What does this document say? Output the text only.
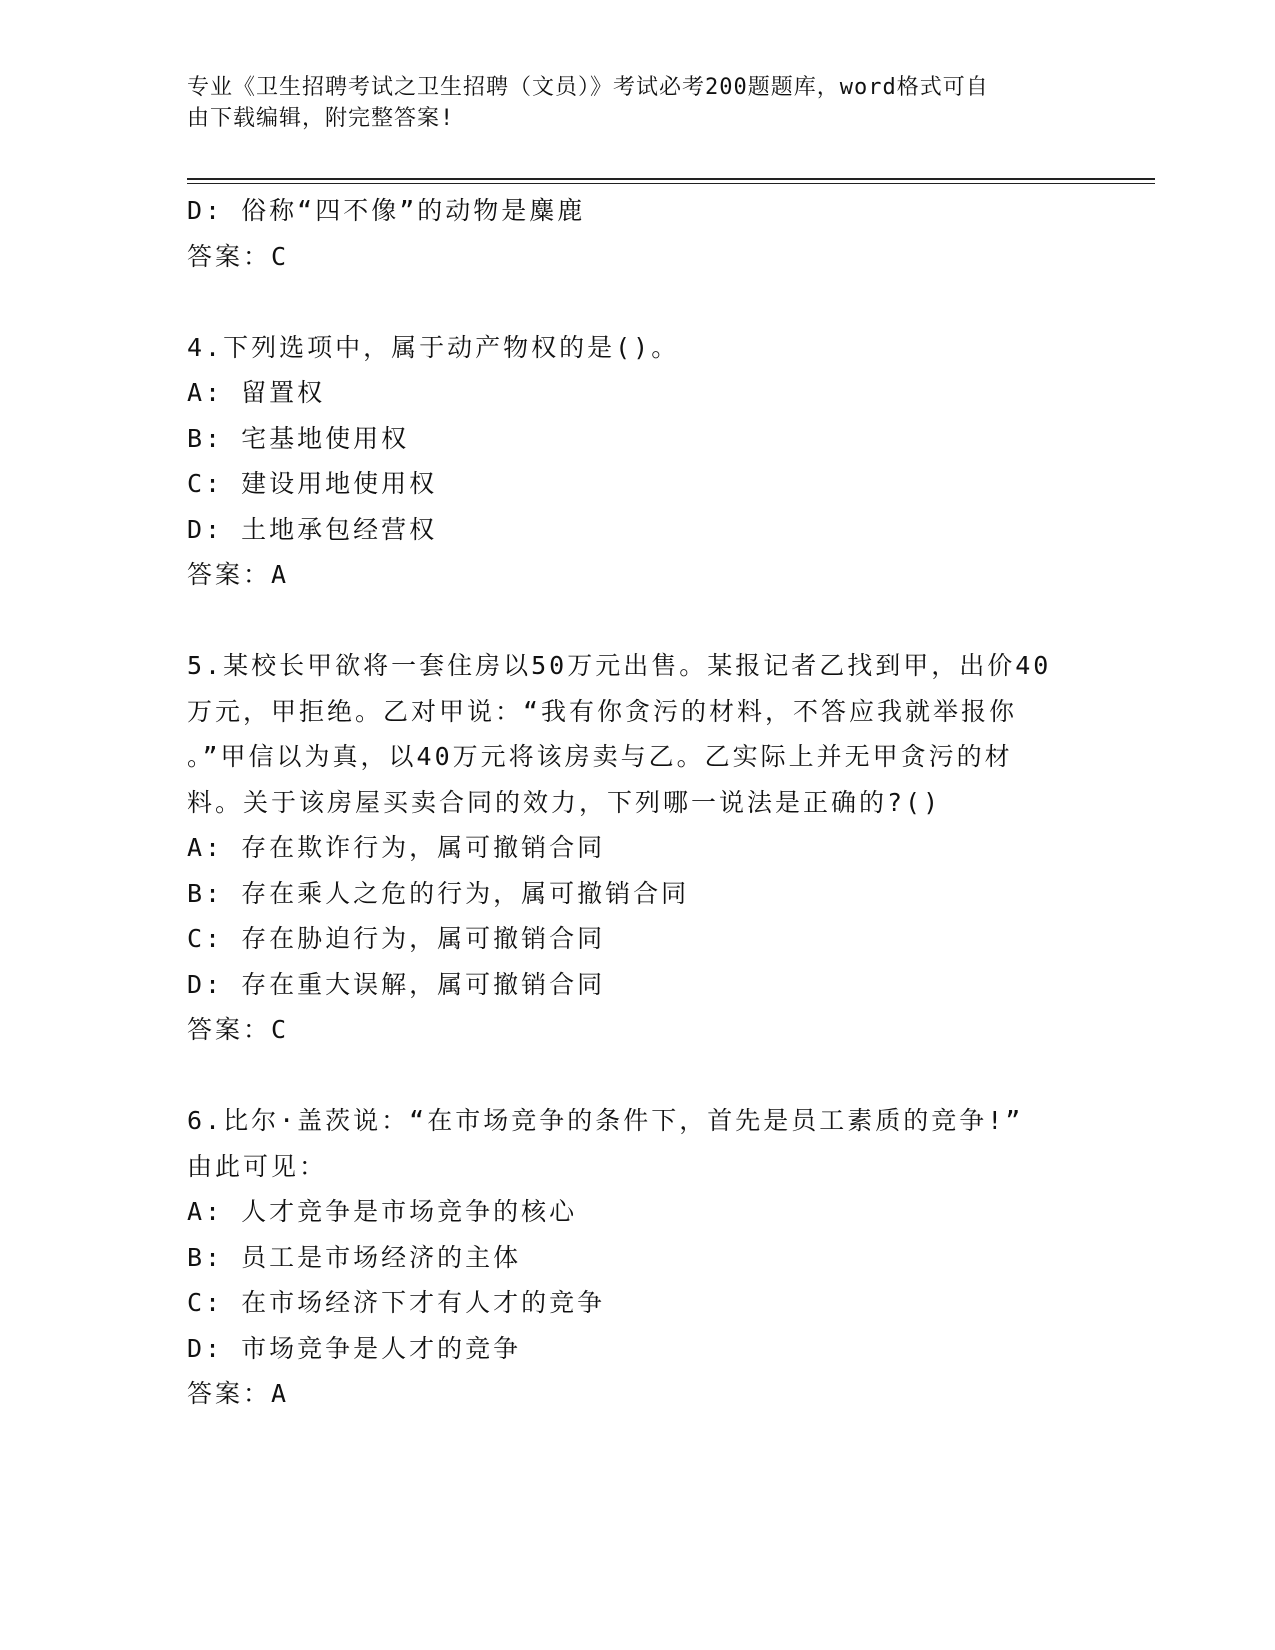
专业《卫生招聘考试之卫生招聘（文员）》考试必考200题题库，word格式可自
由下载编辑，附完整答案!
D: 俗称“四不像”的动物是麋鹿
答案：C
4.下列选项中，属于动产物权的是()。
A: 留置权
B: 宅基地使用权
C: 建设用地使用权
D: 土地承包经营权
答案：A
5.某校长甲欲将一套住房以50万元出售。某报记者乙找到甲，出价40
万元，甲拒绝。乙对甲说：“我有你贪污的材料，不答应我就举报你
。”甲信以为真，以40万元将该房卖与乙。乙实际上并无甲贪污的材
料。关于该房屋买卖合同的效力，下列哪一说法是正确的?()
A: 存在欺诈行为，属可撤销合同
B: 存在乘人之危的行为，属可撤销合同
C: 存在胁迫行为，属可撤销合同
D: 存在重大误解，属可撤销合同
答案：C
6.比尔·盖茨说：“在市场竞争的条件下，首先是员工素质的竞争!”
由此可见：
A: 人才竞争是市场竞争的核心
B: 员工是市场经济的主体
C: 在市场经济下才有人才的竞争
D: 市场竞争是人才的竞争
答案：A
